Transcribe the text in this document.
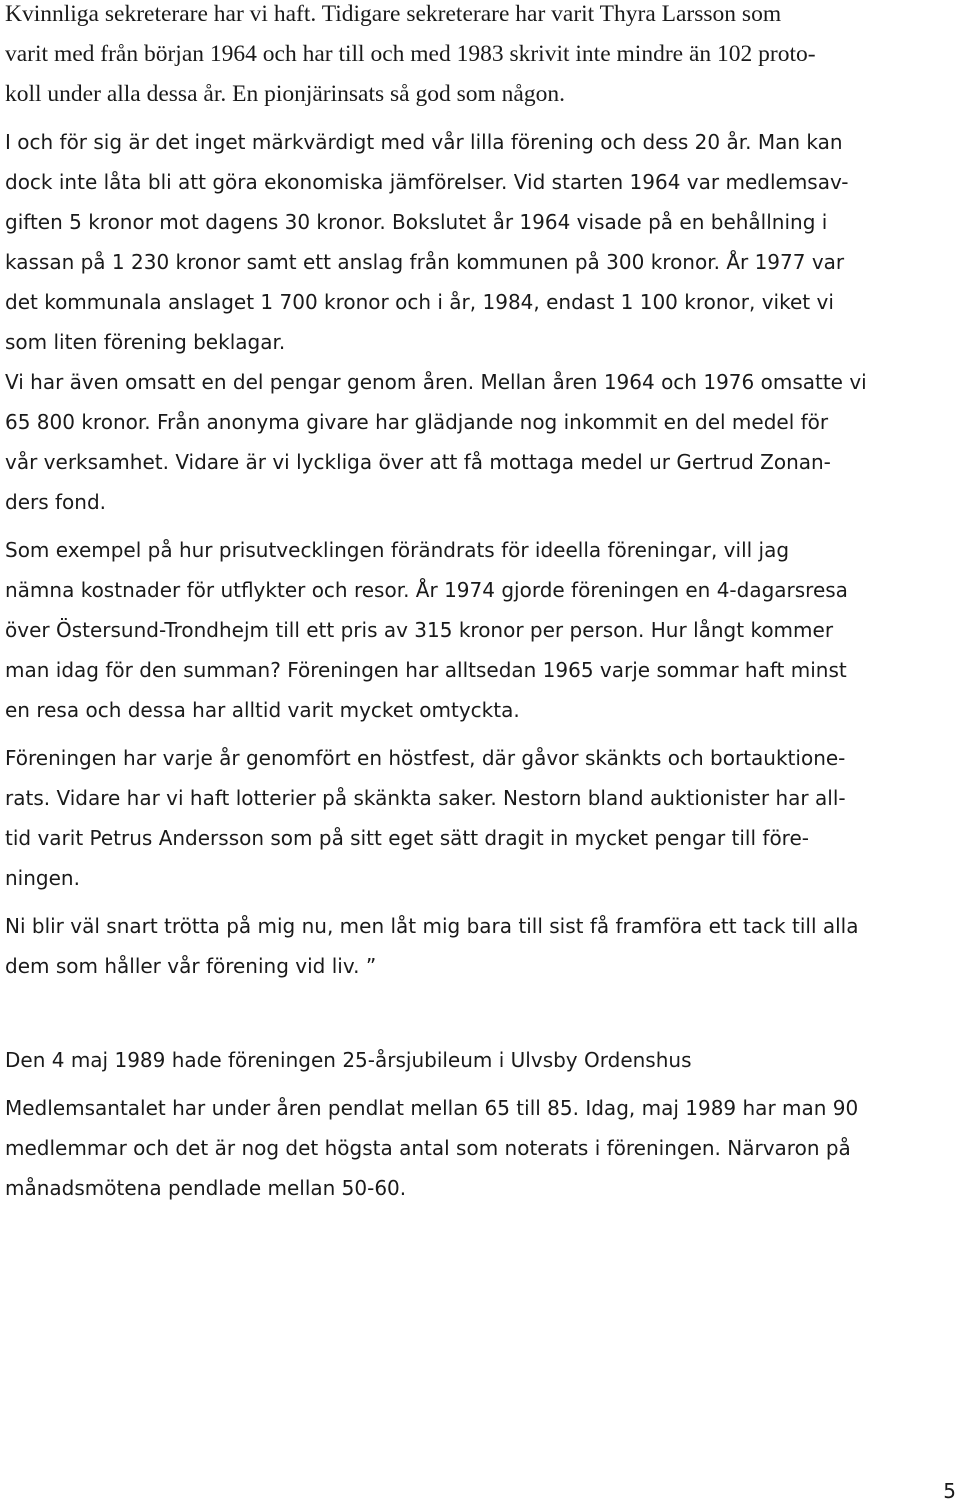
Kvinnliga sekreterare har vi haft. Tidigare sekreterare har varit Thyra Larsson som
varit med från början 1964 och har till och med 1983 skrivit inte mindre än 102 proto-
koll under alla dessa år. En pionjärinsats så god som någon.
I och för sig är det inget märkvärdigt med vår lilla förening och dess 20 år. Man kan
dock inte låta bli att göra ekonomiska jämförelser. Vid starten 1964 var medlemsav-
giften 5 kronor mot dagens 30 kronor. Bokslutet år 1964 visade på en behållning i
kassan på 1 230 kronor samt ett anslag från kommunen på 300 kronor. År 1977 var
det kommunala anslaget 1 700 kronor och i år, 1984, endast 1 100 kronor, viket vi
som liten förening beklagar.
Vi har även omsatt en del pengar genom åren. Mellan åren 1964 och 1976 omsatte vi
65 800 kronor. Från anonyma givare har glädjande nog inkommit en del medel för
vår verksamhet. Vidare är vi lyckliga över att få mottaga medel ur Gertrud Zonan-
ders fond.
Som exempel på hur prisutvecklingen förändrats för ideella föreningar, vill jag
nämna kostnader för utflykter och resor. År 1974 gjorde föreningen en 4-dagarsresa
över Östersund-Trondhejm till ett pris av 315 kronor per person. Hur långt kommer
man idag för den summan? Föreningen har alltsedan 1965 varje sommar haft minst
en resa och dessa har alltid varit mycket omtyckta.
Föreningen har varje år genomfört en höstfest, där gåvor skänkts och bortauktione-
rats. Vidare har vi haft lotterier på skänkta saker. Nestorn bland auktionister har all-
tid varit Petrus Andersson som på sitt eget sätt dragit in mycket pengar till före-
ningen.
Ni blir väl snart trötta på mig nu, men låt mig bara till sist få framföra ett tack till alla
dem som håller vår förening vid liv. ”
Den 4 maj 1989 hade föreningen 25-årsjubileum i Ulvsby Ordenshus
Medlemsantalet har under åren pendlat mellan 65 till 85. Idag, maj 1989 har man 90
medlemmar och det är nog det högsta antal som noterats i föreningen. Närvaron på
månadsmötena pendlade mellan 50-60.
5
